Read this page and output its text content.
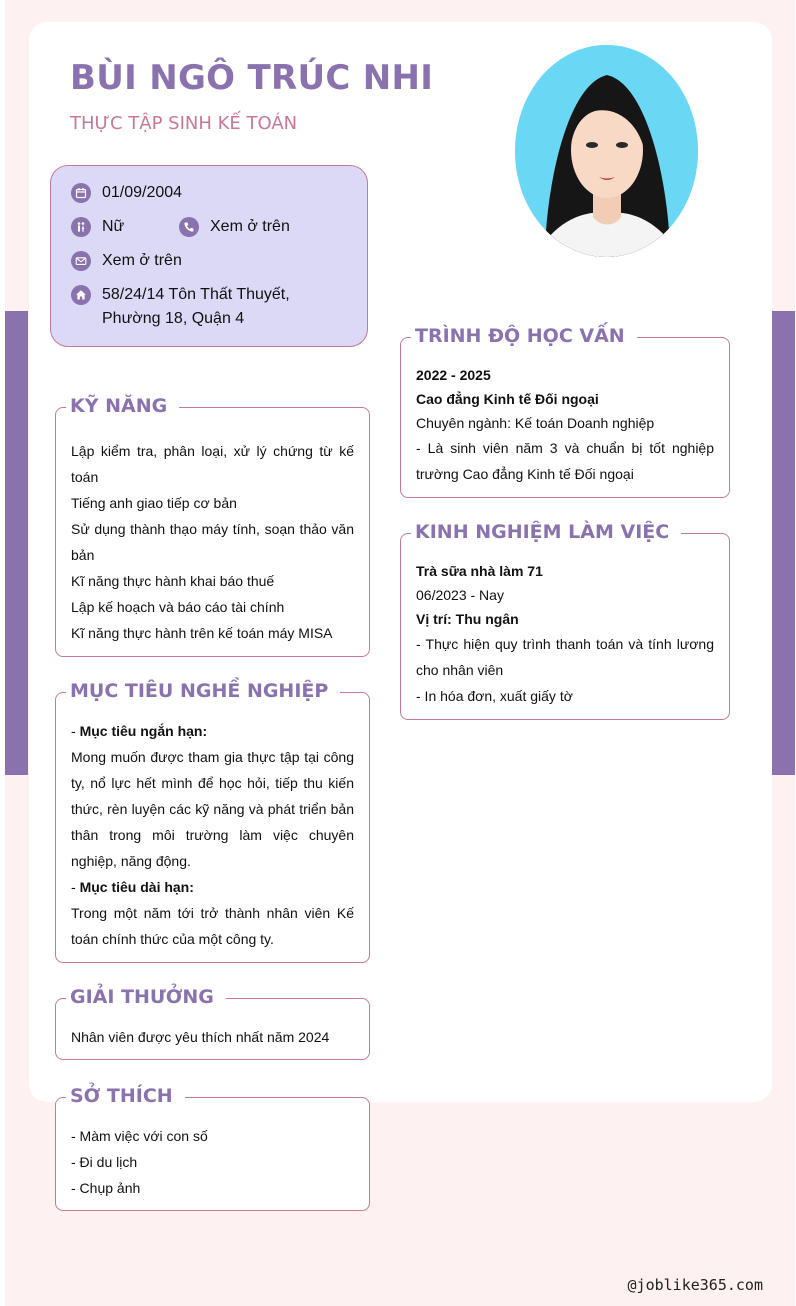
BÙI NGÔ TRÚC NHI
THỰC TẬP SINH KẾ TOÁN
01/09/2004
Nữ	Xem ở trên
Xem ở trên
58/24/14 Tôn Thất Thuyết,
Phường 18, Quận 4
KỸ NĂNG
Lập kiểm tra, phân loại, xử lý chứng từ kế toán
Tiếng anh giao tiếp cơ bản
Sử dụng thành thạo máy tính, soạn thảo văn bản
Kĩ năng thực hành khai báo thuế
Lập kế hoạch và báo cáo tài chính
Kĩ năng thực hành trên kế toán máy MISA
MỤC TIÊU NGHỀ NGHIỆP
- Mục tiêu ngắn hạn:
Mong muốn được tham gia thực tập tại công ty, nổ lực hết mình để học hỏi, tiếp thu kiến thức, rèn luyện các kỹ năng và phát triển bản thân trong môi trường làm việc chuyên nghiệp, năng động.
- Mục tiêu dài hạn:
Trong một năm tới trở thành nhân viên Kế toán chính thức của một công ty.
GIẢI THƯỞNG
Nhân viên được yêu thích nhất năm 2024
SỞ THÍCH
- Màm việc với con số
- Đi du lịch
- Chụp ảnh
TRÌNH ĐỘ HỌC VẤN
2022 - 2025
Cao đẳng Kinh tế Đối ngoại
Chuyên ngành: Kế toán Doanh nghiệp
- Là sinh viên năm 3 và chuẩn bị tốt nghiệp trường Cao đẳng Kinh tế Đối ngoại
KINH NGHIỆM LÀM VIỆC
Trà sữa nhà làm 71
06/2023 - Nay
Vị trí: Thu ngân
- Thực hiện quy trình thanh toán và tính lương cho nhân viên
- In hóa đơn, xuất giấy tờ
@joblike365.com
